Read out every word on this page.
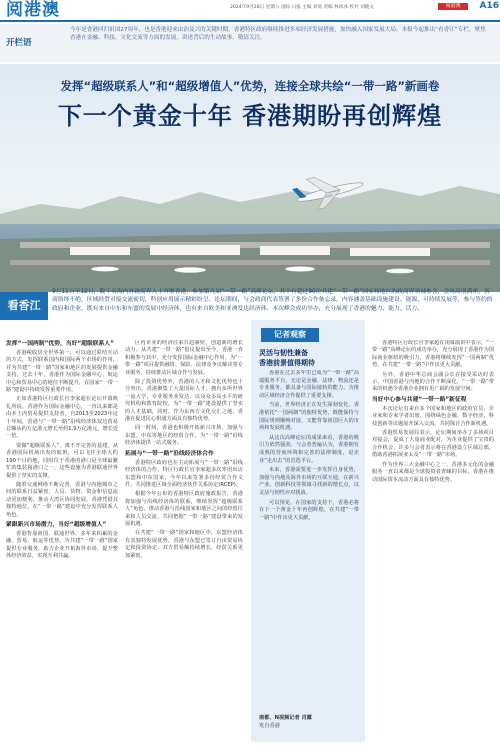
阅港澳	2024年9月28日 星期六 国际·日报 主编 刘易 责编 林冰冰 校对 刘晓文	阅港澳	A16
开栏语
今年是香港回归祖国27周年，也是香港迎来由治及兴的关键时期，香港特区政府继续推进多项经济发展措施，加快融入国家发展大局。本报今起推出“看香江”专栏，聚焦香港在金融、科技、文化交流等方面的发展，讲述背后的生动故事，敬请关注。
发挥“超级联系人”和“超级增值人”优势，连接全球共绘“一带一路”新画卷
下一个黄金十年 香港期盼再创辉煌
看香江
9月11日至12日，数千名海内外政商界人士齐聚香港，参加第九届“一带一路”高峰论坛，其中有超过90位共建“一带一路”国家和地区的政商界领袖参会，会场高朋满座，客商络绎不绝，区域经贸对接交流密切，科创应用展示精彩纷呈。论坛期间，与会政商代表签署了多份合作备忘录，内容涵盖基础设施建设、能源、可持续发展等，参与签约的政府和企业，既有来自中东和东盟的发展中经济体，也有来自欧美和亚洲发达经济体。本次峰会成功举办，充分展现了香港的魅力、能力、活力。

发挥“一国两制”优势，当好“超级联系人”

香港税收居全世界第一，可以通过联结互动的方式，发挥联系国内和国际两个市场的作用，并为共建“一带一路”国家和地区的发展提供金融支持。过去十年，香港作为国际金融中心、航运中心和贸易中心的地位不断提升，在国家“一带一路”建设中持续发挥重要作用。

正如香港特区行政长官李家超在论坛开幕典礼所说，香港作为国际金融中心，一直以来都是由本土内贸易提供支持者。自2013至2023年这十年间，香港与“一带一路”沿线经济体双边贸易总额从约万亿港元增长至约1.9万亿港元，增长近一倍。

要做“超级联系人”，离不开完善的基建。从香港国际机场出发的航班，可以飞往全球大约190个目的地，同时位于香港的港口是全球最繁忙的集装箱港口之一，这些设施为香港联通世界提供了坚实的支撑。

随着交通网络不断完善，香港与内地城市之间的联系日益紧密，人员、货物、资金和信息流动更加便利，推动大湾区协同发展，香港凭借其独特地位，在“一带一路”建设中充分发挥联系人角色。

紧跟新兴市场潜力，当好“超级增值人”

香港背靠祖国、联通世界，多年来积累的金融、贸易、航运等优势，为共建“一带一路”国家提供专业服务，助力企业开拓海外市场，提升整体经济效益，实现互利共赢。

区内企业的经济往来日趋紧密，创造新的增长动力。从共建“一带一路”倡议提出至今，香港一直积极参与其中，充分发挥国际金融中心作用，为“一带一路”项目提供融资、保险、法律及争议解决等专业服务，持续推动区域合作与发展。

除了投资优势外，香港的人才和文化优势也十分突出。香港聚集了大量国际人才，拥有多所世界一流大学，专业服务业发达。以及众多高水平的研究机构和教育院校，为“一带一路”建设提供了坚实的人才基础，同时，作为东西方文化交汇之地，香港在促进民心相通方面具有独特优势。

同一时间，香港也积极开拓新兴市场，加强与东盟、中东等地区的经贸合作，为“一带一路”沿线经济体提供一站式服务。

拓展与“一带一路”沿线经济体合作

香港特区政府也在主动拓展与“一带一路”沿线经济体的合作，特区行政长官李家超多次率团出访东盟和中东国家，今年以来签署多份经贸合作文件，共同推进区域全面经济伙伴关系协定(RCEP)。

根据今年公布的香港特区政府施政报告，香港将加强与沿线经济体的联系，继续发挥“超级联系人”角色，推动香港与沿线国家和地区之间的经贸往来和人员交流，共同把握“一带一路”建设带来的发展机遇。

在共建“一带一路”国家和地区中，东盟经济体有其独特发展优势，香港与东盟已签订自由贸易协定和投资协定，双方贸易额持续增长，经贸关系更加紧密。

记者观察
灵活与韧性兼备
香港前景值得期待

香港在过去多年里已成为“一带一路”高端服务平台，无论是金融、法律、物流还是专业服务，都具备与国际接轨的能力，为推动区域经济合作提供了重要支撑。

当前，世界经济正在发生深刻变化，香港依托“一国两制”的独特优势，既能保持与国际规则顺畅对接，又能背靠祖国巨大的市场和发展机遇。

从这次高峰论坛的成果来看，香港的吸引力依然强劲，与会者普遍认为，香港拥有成熟的营商环境和完善的法律制度，是企业“走出去”的首选平台。

未来，香港需要进一步发挥自身优势，加强与内地及海外市场的互联互通，在新兴产业、创新科技等领域寻找新的增长点，以灵活与韧性应对挑战。

可以预见，在国家的支持下，香港必将在下一个黄金十年再创辉煌，在共建“一带一路”中作出更大贡献。

南都、N视频记者 肖露
发自香港

香港特区行政长官李家超在闭幕演讲中表示，“一带一路”高峰论坛的成功举办，充分展现了香港作为国际商业枢纽的吸引力，香港将继续发挥“一国两制”优势，在共建“一带一路”中作出更大贡献。

另外，香港中华总商会副会长在接受采访时表示，中国香港与内地的合作不断深化，“一带一路”带来的机遇令香港企业拥有更广阔的发展空间。

当好中心参与共建“一带一路”新征程

本次论坛有来自多个国家和地区的政府官员、企业家和专家学者出席，围绕绿色金融、数字经济、科技创新等议题展开深入交流，共同探讨合作新机遇。

香港贸易发展局表示，论坛期间举办了多场项目对接会，促成了大量商业配对，为企业提供了宝贵的合作机会，许多与会者表示将在香港设立区域总部，借助香港拓展亚太及“一带一路”市场。

作为世界三大金融中心之一，香港多元化的金融服务一直以来都是全球投资者青睐的目标，香港在推动国际资本流动方面具有独特优势。
